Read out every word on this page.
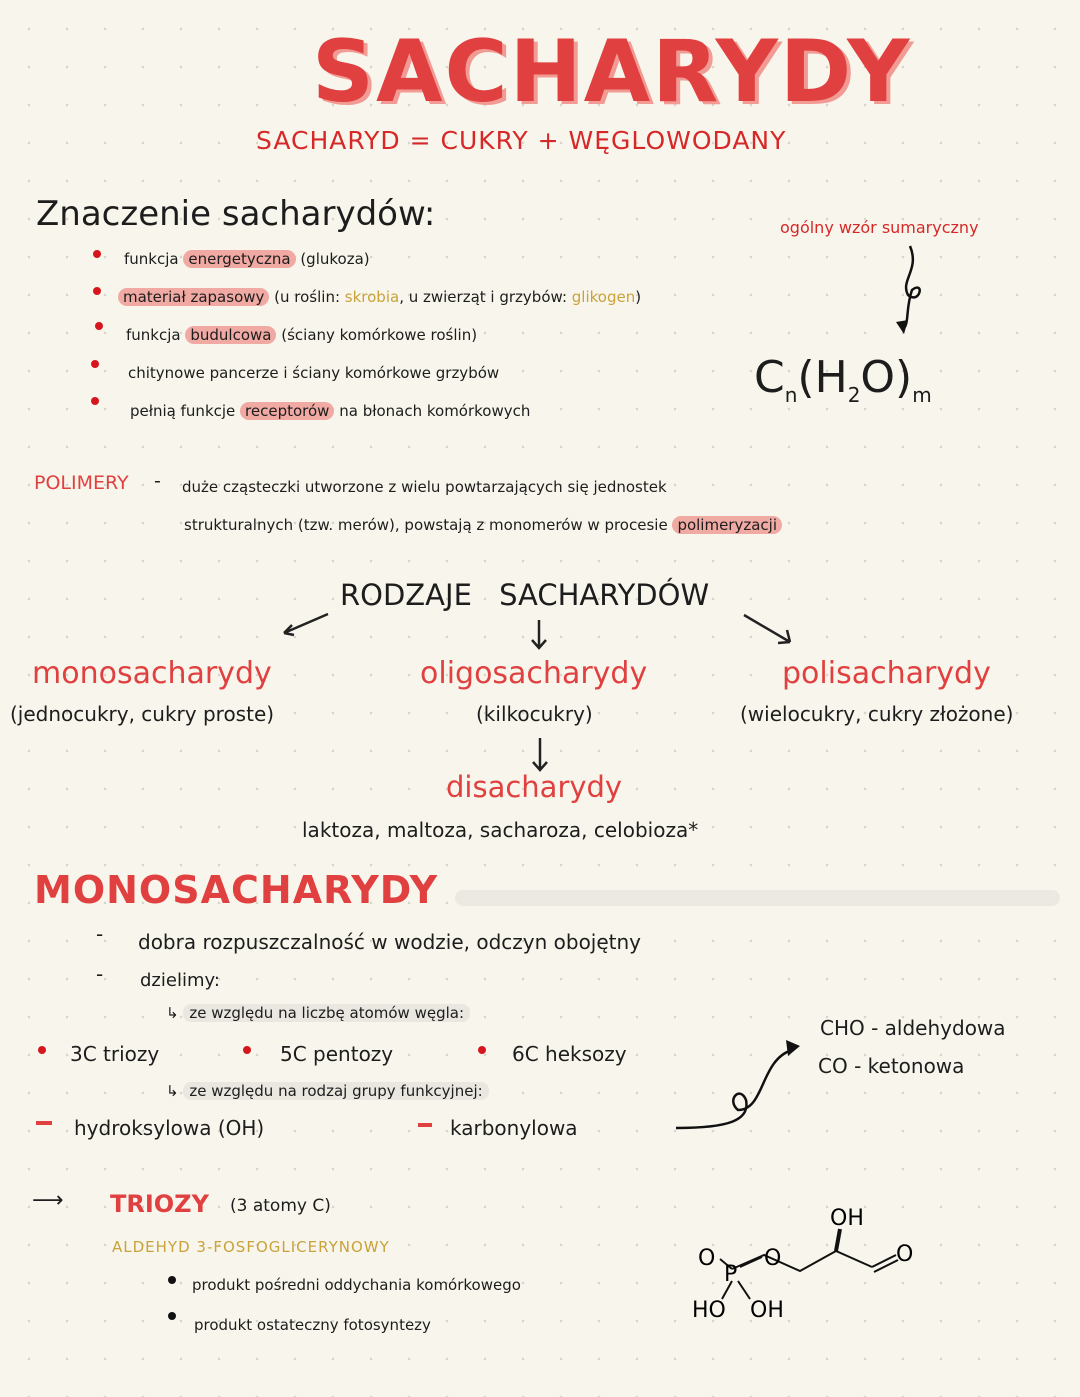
SACHARYDY
SACHARYD = CUKRY + WĘGLOWODANY
Znaczenie sacharydów:
funkcja energetyczna (glukoza)
materiał zapasowy (u roślin: skrobia, u zwierząt i grzybów: glikogen)
funkcja budulcowa (ściany komórkowe roślin)
chitynowe pancerze i ściany komórkowe grzybów
pełnią funkcje receptorów na błonach komórkowych
ogólny wzór sumaryczny
$C_n(H_2O)_m$
POLIMERY - duże cząsteczki utworzone z wielu powtarzających się jednostek
strukturalnych (tzw. merów), powstają z monomerów w procesie polimeryzacji
RODZAJE SACHARYDÓW
monosacharydy
(jednocukry, cukry proste)
oligosacharydy
(kilkocukry)
polisacharydy
(wielocukry, cukry złożone)
disacharydy
laktoza, maltoza, sacharoza, celobioza*
MONOSACHARYDY
- dobra rozpuszczalność w wodzie, odczyn obojętny
- dzielimy:
↳ ze względu na liczbę atomów węgla:
3C triozy	5C pentozy	6C heksozy
↳ ze względu na rodzaj grupy funkcyjnej:
hydroksylowa (OH)	karbonylowa
CHO - aldehydowa
CO - ketonowa
⟶ TRIOZY (3 atomy C)
ALDEHYD 3-FOSFOGLICERYNOWY
produkt pośredni oddychania komórkowego
produkt ostateczny fotosyntezy
O
P
O
OH
O
HO OH
